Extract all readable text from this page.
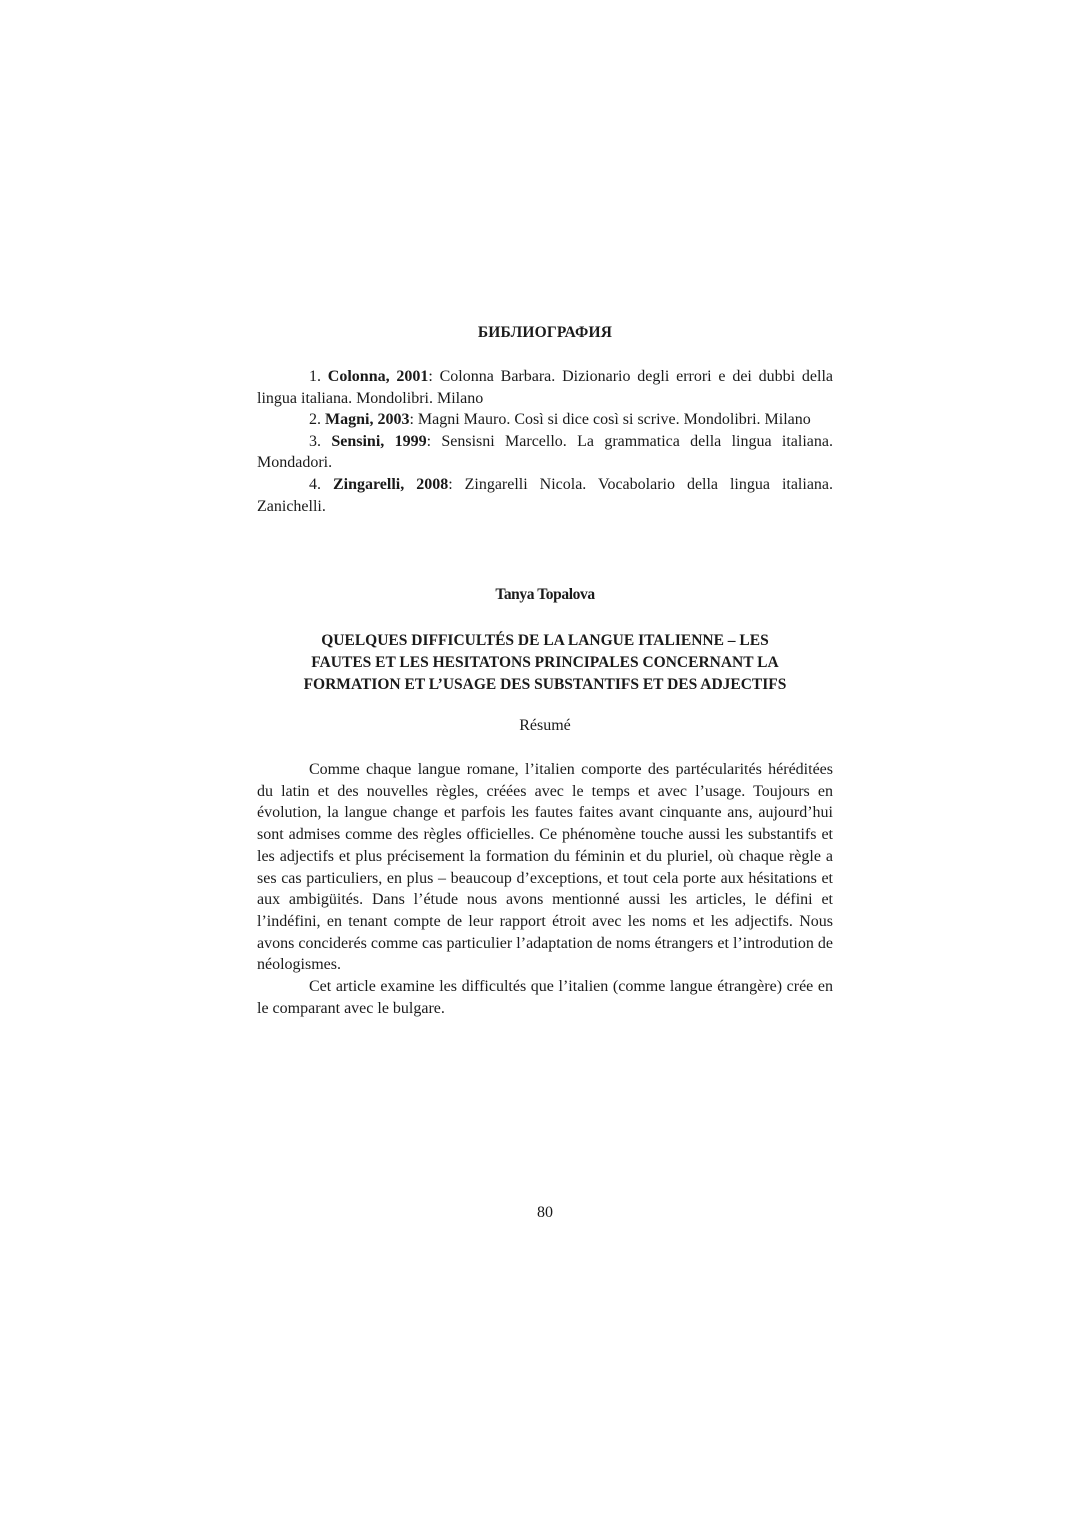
БИБЛИОГРАФИЯ

1. Colonna, 2001: Colonna Barbara. Dizionario degli errori e dei dubbi della lingua italiana. Mondolibri. Milano

2. Magni, 2003: Magni Mauro. Così si dice così si scrive. Mondolibri. Milano

3. Sensini, 1999: Sensisni Marcello. La grammatica della lingua italiana. Mondadori.

4. Zingarelli, 2008: Zingarelli Nicola. Vocabolario della lingua italiana. Zanichelli.

Tanya Topalova
QUELQUES DIFFICULTÉS DE LA LANGUE ITALIENNE – LES
FAUTES ET LES HESITATONS PRINCIPALES CONCERNANT LA
FORMATION ET L’USAGE DES SUBSTANTIFS ET DES ADJECTIFS
Résumé

Comme chaque langue romane, l’italien comporte des partécularités héréditées du latin et des nouvelles règles, créées avec le temps et avec l’usage. Toujours en évolution, la langue change et parfois les fautes faites avant cinquante ans, aujourd’hui sont admises comme des règles officielles. Ce phénomène touche aussi les substantifs et les adjectifs et plus précisement la formation du féminin et du pluriel, où chaque règle a ses cas particuliers, en plus – beaucoup d’exceptions, et tout cela porte aux hésitations et aux ambigüités. Dans l’étude nous avons mentionné aussi les articles, le défini et l’indéfini, en tenant compte de leur rapport étroit avec les noms et les adjectifs. Nous avons conciderés comme cas particulier l’adaptation de noms étrangers et l’introdution de néologismes.

Cet article examine les difficultés que l’italien (comme langue étrangère) crée en le comparant avec le bulgare.

80
